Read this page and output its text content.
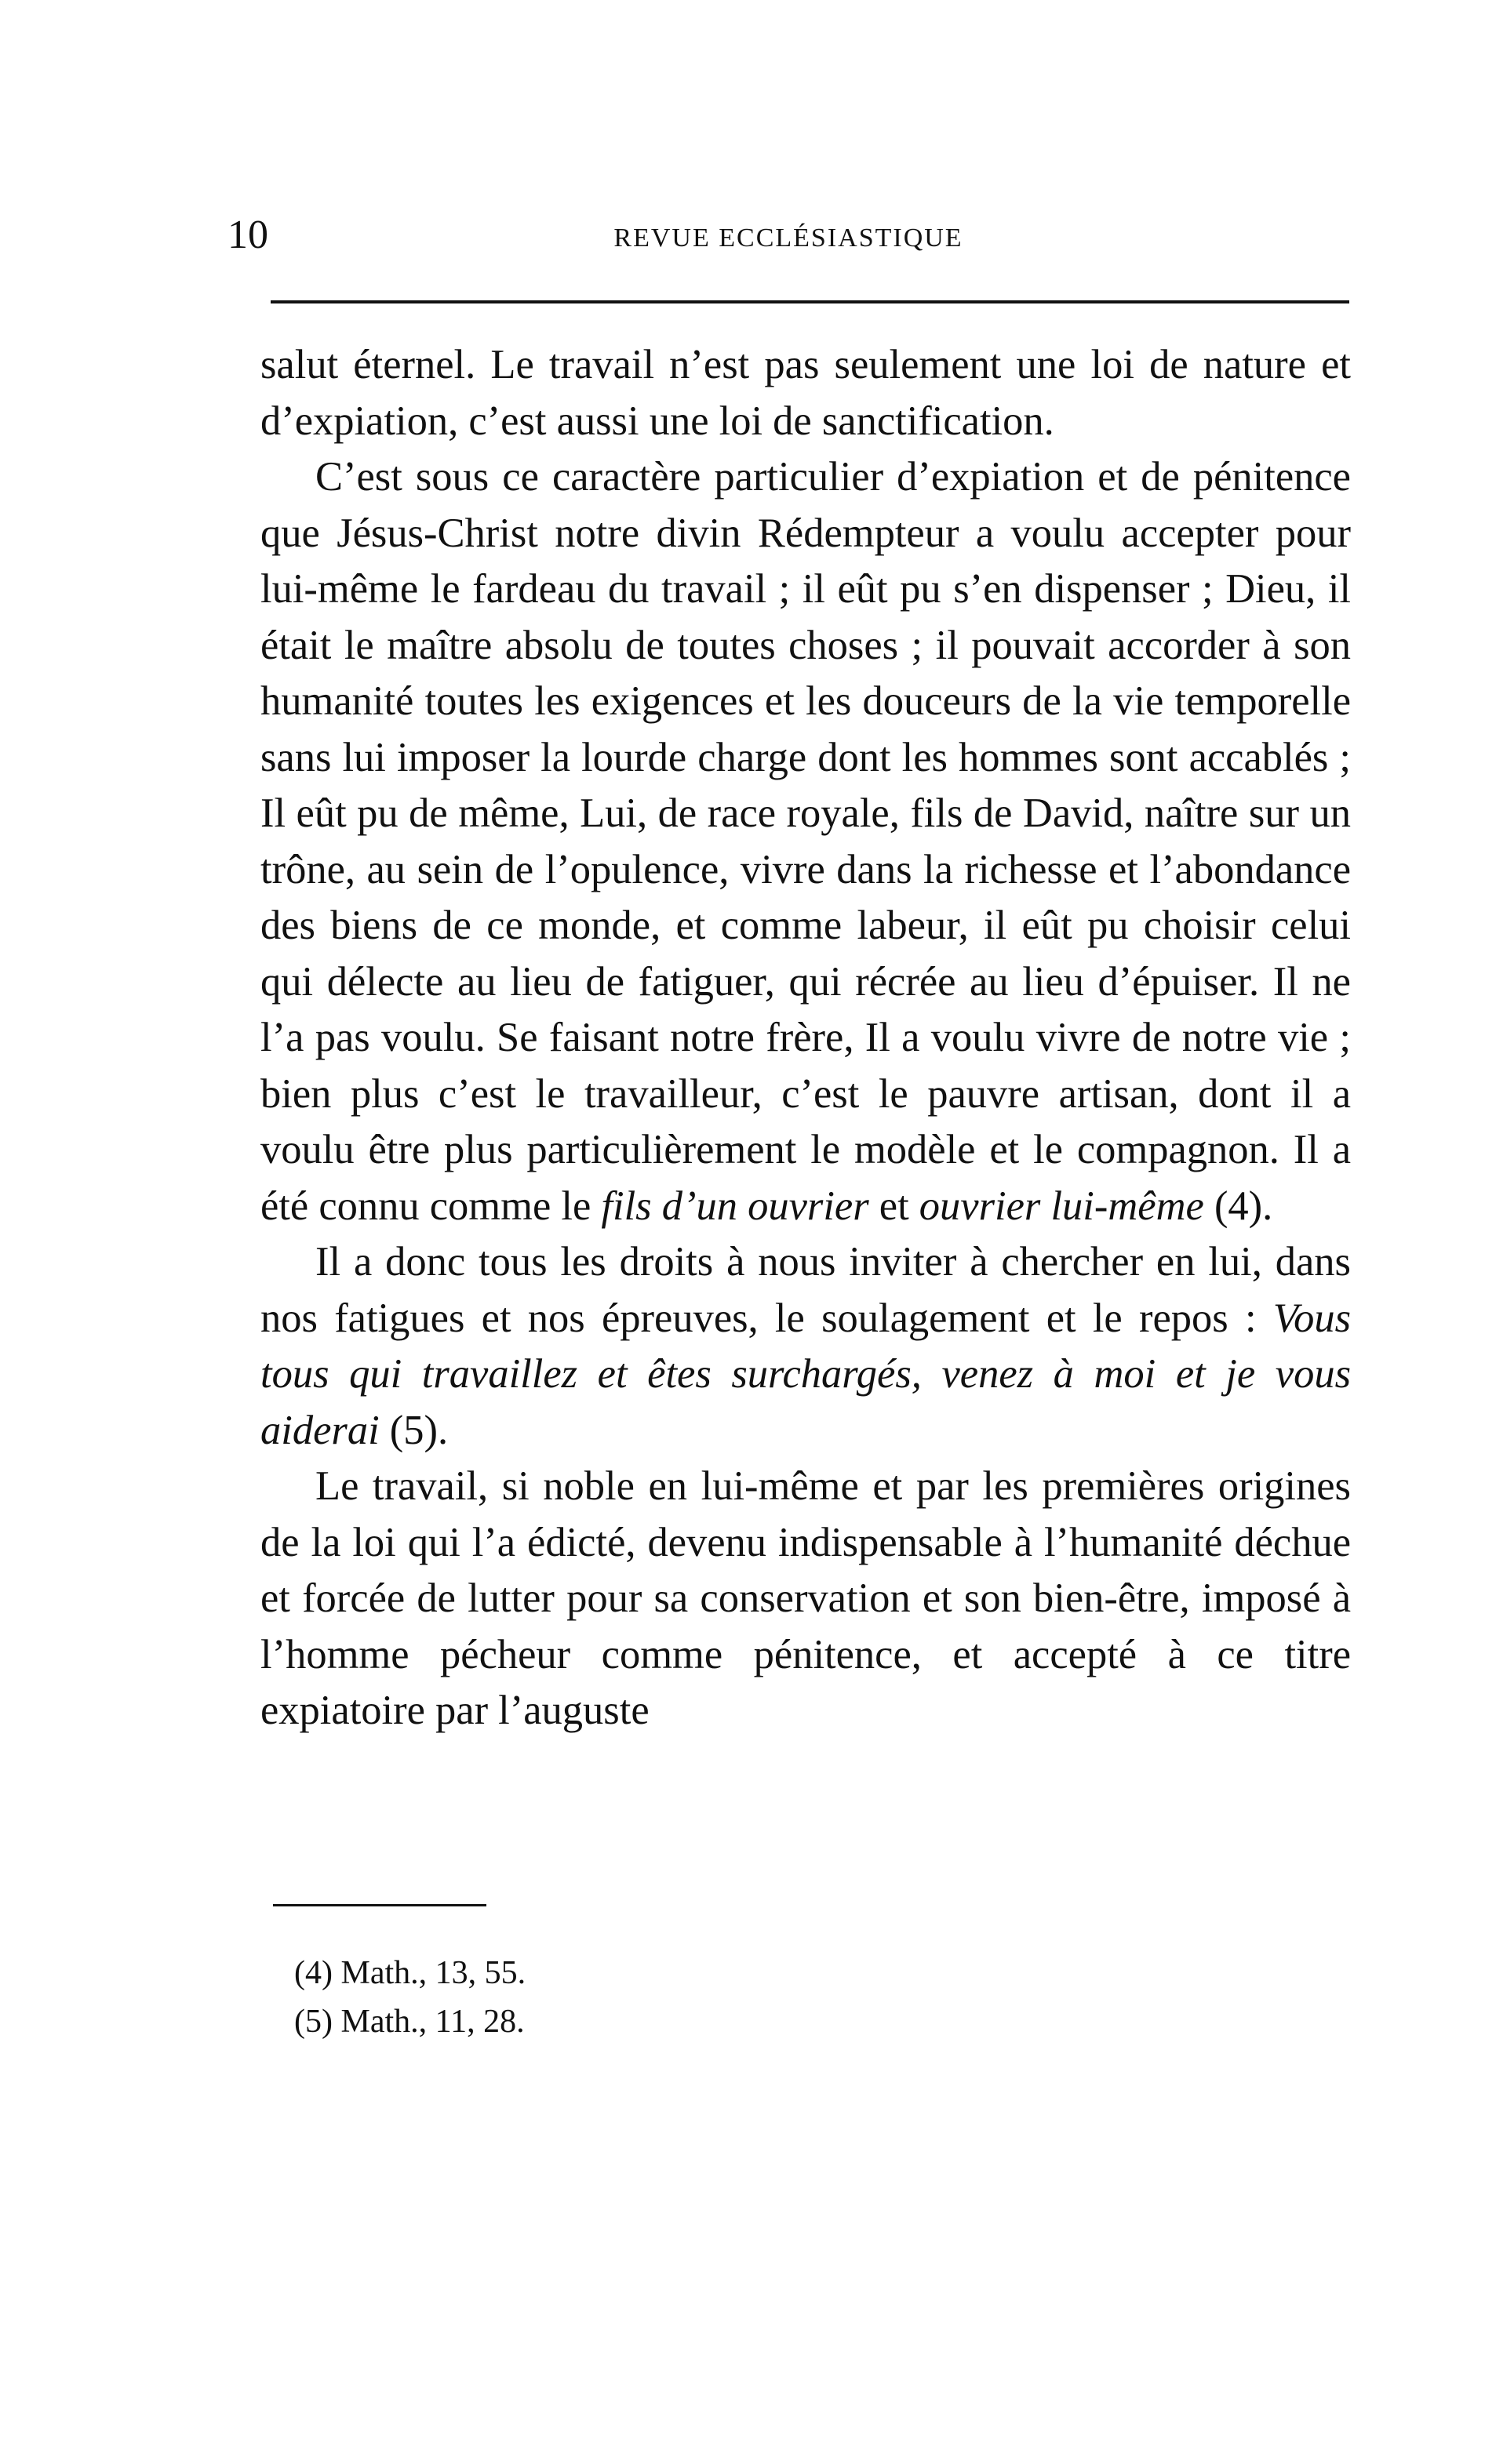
10	REVUE ECCLÉSIASTIQUE

salut éternel. Le travail n’est pas seulement une loi de nature et d’expiation, c’est aussi une loi de sanctification.

C’est sous ce caractère particulier d’expiation et de pénitence que Jésus-Christ notre divin Rédempteur a voulu accepter pour lui-même le fardeau du travail ; il eût pu s’en dispenser ; Dieu, il était le maître absolu de toutes choses ; il pouvait accorder à son humanité toutes les exigences et les douceurs de la vie temporelle sans lui imposer la lourde charge dont les hommes sont accablés ; Il eût pu de même, Lui, de race royale, fils de David, naître sur un trône, au sein de l’opulence, vivre dans la richesse et l’abondance des biens de ce monde, et comme labeur, il eût pu choisir celui qui délecte au lieu de fatiguer, qui récrée au lieu d’épuiser. Il ne l’a pas voulu. Se faisant notre frère, Il a voulu vivre de notre vie ; bien plus c’est le travailleur, c’est le pauvre artisan, dont il a voulu être plus particulièrement le modèle et le compagnon. Il a été connu comme le fils d’un ouvrier et ouvrier lui-même (4).

Il a donc tous les droits à nous inviter à chercher en lui, dans nos fatigues et nos épreuves, le soulagement et le repos : Vous tous qui travaillez et êtes surchargés, venez à moi et je vous aiderai (5).

Le travail, si noble en lui-même et par les premières origines de la loi qui l’a édicté, devenu indispensable à l’humanité déchue et forcée de lutter pour sa conservation et son bien-être, imposé à l’homme pécheur comme pénitence, et accepté à ce titre expiatoire par l’auguste

(4) Math., 13, 55.

(5) Math., 11, 28.
